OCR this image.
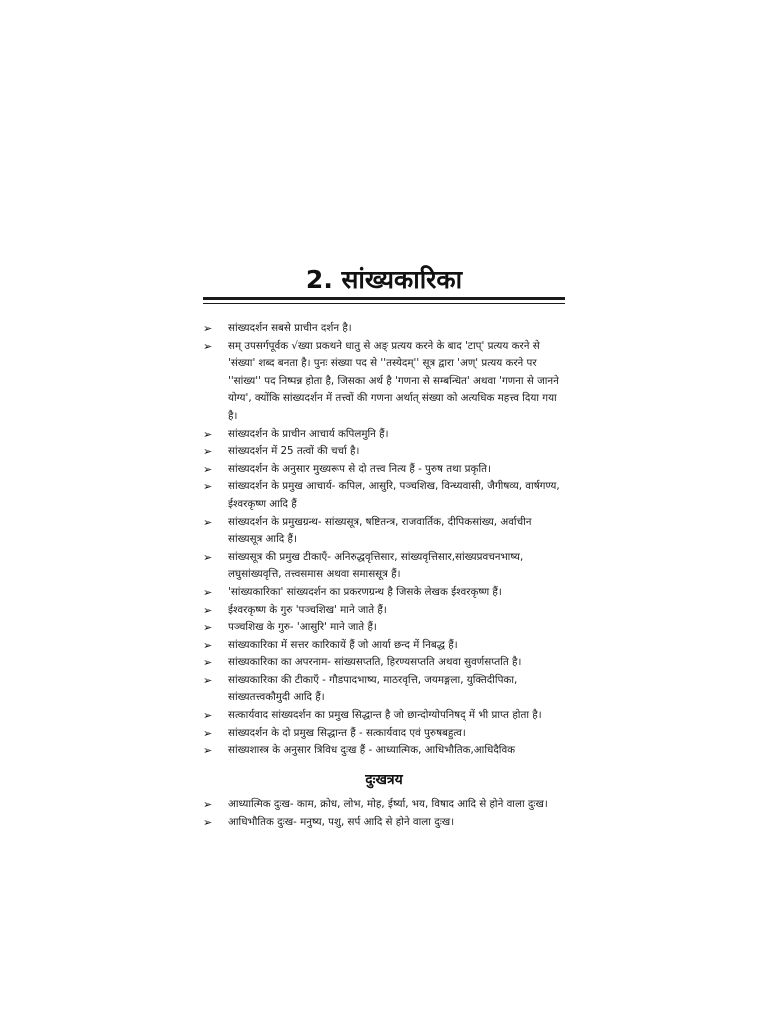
2. सांख्यकारिका
➢	सांख्यदर्शन सबसे प्राचीन दर्शन है।
➢	सम् उपसर्गपूर्वक √ख्या प्रकथने धातु से अङ् प्रत्यय करने के बाद 'टाप्' प्रत्यय करने से 'संख्या' शब्द बनता है। पुनः संख्या पद से ''तस्येदम्'' सूत्र द्वारा 'अण्' प्रत्यय करने पर ''सांख्य'' पद निष्पन्न होता है, जिसका अर्थ है 'गणना से सम्बन्धित' अथवा 'गणना से जानने योग्य', क्योंकि सांख्यदर्शन में तत्त्वों की गणना अर्थात् संख्या को अत्यधिक महत्त्व दिया गया है।
➢	सांख्यदर्शन के प्राचीन आचार्य कपिलमुनि हैं।
➢	सांख्यदर्शन में 25 तत्वों की चर्चा है।
➢	सांख्यदर्शन के अनुसार मुख्यरूप से दो तत्त्व नित्य हैं - पुरुष तथा प्रकृति।
➢	सांख्यदर्शन के प्रमुख आचार्य- कपिल, आसुरि, पञ्चशिख, विन्ध्यवासी, जैगीषव्य, वार्षगण्य, ईश्वरकृष्ण आदि हैं
➢	सांख्यदर्शन के प्रमुखग्रन्थ- सांख्यसूत्र, षष्टितन्त्र, राजवार्तिक, दीपिकसांख्य, अर्वाचीन सांख्यसूत्र आदि हैं।
➢	सांख्यसूत्र की प्रमुख टीकाएँ- अनिरुद्धवृत्तिसार, सांख्यवृत्तिसार,सांख्यप्रवचनभाष्य, लघुसांख्यवृत्ति, तत्त्वसमास अथवा समाससूत्र हैं।
➢	'सांख्यकारिका' सांख्यदर्शन का प्रकरणग्रन्थ है जिसके लेखक ईश्वरकृष्ण हैं।
➢	ईश्वरकृष्ण के गुरु 'पञ्चशिख' माने जाते हैं।
➢	पञ्चशिख के गुरु- 'आसुरि' माने जाते हैं।
➢	सांख्यकारिका में सत्तर कारिकायें हैं जो आर्या छन्द में निबद्ध हैं।
➢	सांख्यकारिका का अपरनाम- सांख्यसप्तति, हिरण्यसप्तति अथवा सुवर्णसप्तति है।
➢	सांख्यकारिका की टीकाएँ - गौडपादभाष्य, माठरवृत्ति, जयमङ्गला, युक्तिदीपिका, सांख्यतत्त्वकौमुदी आदि हैं।
➢	सत्कार्यवाद सांख्यदर्शन का प्रमुख सिद्धान्त है जो छान्दोग्योपनिषद् में भी प्राप्त होता है।
➢	सांख्यदर्शन के दो प्रमुख सिद्धान्त हैं - सत्कार्यवाद एवं पुरुषबहुत्व।
➢	सांख्यशास्त्र के अनुसार त्रिविध दुःख हैं - आध्यात्मिक, आधिभौतिक,आधिदैविक
दुःखत्रय
➢	आध्यात्मिक दुःख- काम, क्रोध, लोभ, मोह, ईर्ष्या, भय, विषाद आदि से होने वाला दुःख।
➢	आधिभौतिक दुःख- मनुष्य, पशु, सर्प आदि से होने वाला दुःख।
